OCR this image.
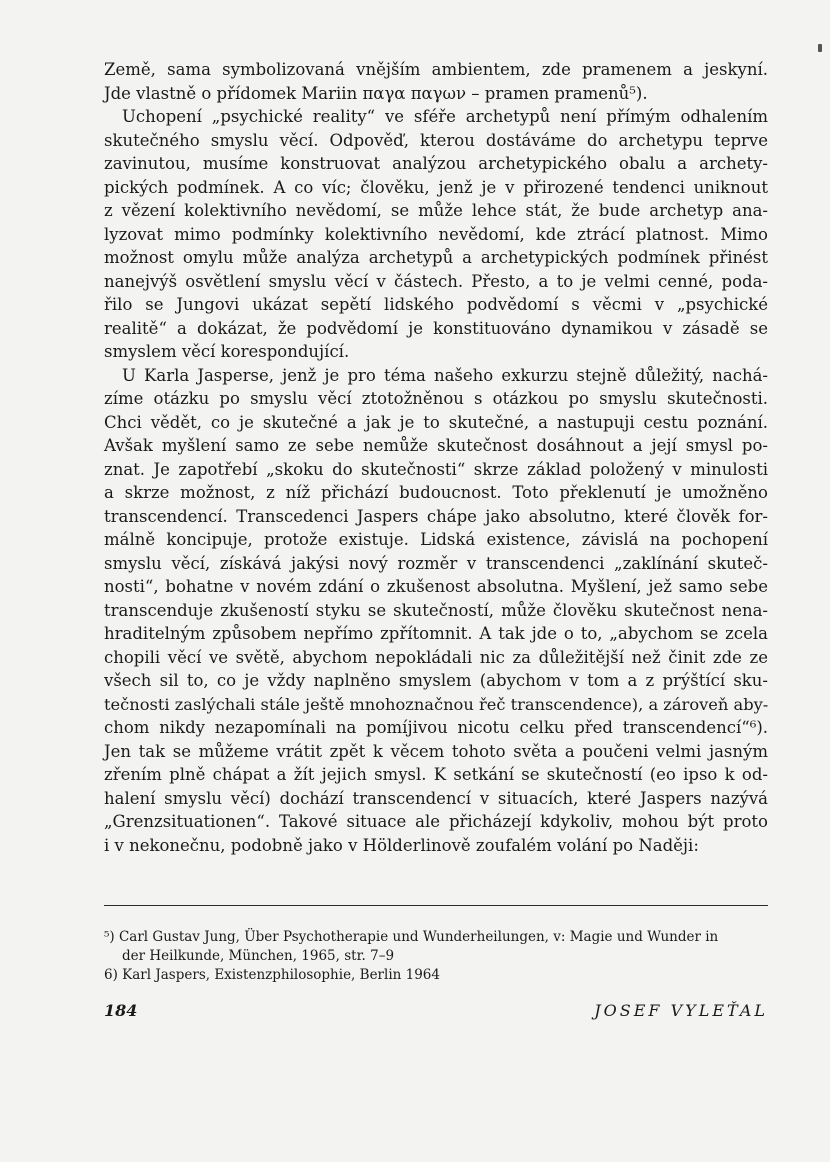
Země, sama symbolizovaná vnějším ambientem, zde pramenem a jeskyní.
Jde vlastně o přídomek Mariin παγα παγων – pramen pramenů⁵).
Uchopení „psychické reality“ ve sféře archetypů není přímým odhalením
skutečného smyslu věcí. Odpověď, kterou dostáváme do archetypu teprve
zavinutou, musíme konstruovat analýzou archetypického obalu a archety-
pických podmínek. A co víc; člověku, jenž je v přirozené tendenci uniknout
z vězení kolektivního nevědomí, se může lehce stát, že bude archetyp ana-
lyzovat mimo podmínky kolektivního nevědomí, kde ztrácí platnost. Mimo
možnost omylu může analýza archetypů a archetypických podmínek přinést
nanejvýš osvětlení smyslu věcí v částech. Přesto, a to je velmi cenné, poda-
řilo se Jungovi ukázat sepětí lidského podvědomí s věcmi v „psychické
realitě“ a dokázat, že podvědomí je konstituováno dynamikou v zásadě se
smyslem věcí korespondující.
U Karla Jasperse, jenž je pro téma našeho exkurzu stejně důležitý, nachá-
zíme otázku po smyslu věcí ztotožněnou s otázkou po smyslu skutečnosti.
Chci vědět, co je skutečné a jak je to skutečné, a nastupuji cestu poznání.
Avšak myšlení samo ze sebe nemůže skutečnost dosáhnout a její smysl po-
znat. Je zapotřebí „skoku do skutečnosti“ skrze základ položený v minulosti
a skrze možnost, z níž přichází budoucnost. Toto překlenutí je umožněno
transcendencí. Transcedenci Jaspers chápe jako absolutno, které člověk for-
málně koncipuje, protože existuje. Lidská existence, závislá na pochopení
smyslu věcí, získává jakýsi nový rozměr v transcendenci „zaklínání skuteč-
nosti“, bohatne v novém zdání o zkušenost absolutna. Myšlení, jež samo sebe
transcenduje zkušeností styku se skutečností, může člověku skutečnost nena-
hraditelným způsobem nepřímo zpřítomnit. A tak jde o to, „abychom se zcela
chopili věcí ve světě, abychom nepokládali nic za důležitější než činit zde ze
všech sil to, co je vždy naplněno smyslem (abychom v tom a z prýštící sku-
tečnosti zaslýchali stále ještě mnohoznačnou řeč transcendence), a zároveň aby-
chom nikdy nezapomínali na pomíjivou nicotu celku před transcendencí“⁶).
Jen tak se můžeme vrátit zpět k věcem tohoto světa a poučeni velmi jasným
zřením plně chápat a žít jejich smysl. K setkání se skutečností (eo ipso k od-
halení smyslu věcí) dochází transcendencí v situacích, které Jaspers nazývá
„Grenzsituationen“. Takové situace ale přicházejí kdykoliv, mohou být proto
i v nekonečnu, podobně jako v Hölderlinově zoufalém volání po Naději:
⁵) Carl Gustav Jung, Über Psychotherapie und Wunderheilungen, v: Magie und Wunder in
der Heilkunde, München, 1965, str. 7–9
6) Karl Jaspers, Existenzphilosophie, Berlin 1964
184	JOSEF VYLEŤAL
